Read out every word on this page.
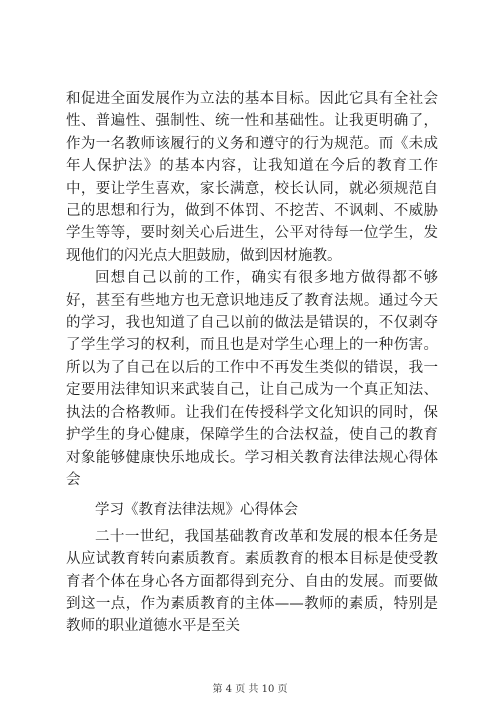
和促进全面发展作为立法的基本目标。因此它具有全社会性、普遍性、强制性、统一性和基础性。让我更明确了，作为一名教师该履行的义务和遵守的行为规范。而《未成年人保护法》的基本内容，让我知道在今后的教育工作中，要让学生喜欢，家长满意，校长认同，就必须规范自己的思想和行为，做到不体罚、不挖苦、不讽刺、不威胁学生等等，要时刻关心后进生，公平对待每一位学生，发现他们的闪光点大胆鼓励，做到因材施教。

回想自己以前的工作，确实有很多地方做得都不够好，甚至有些地方也无意识地违反了教育法规。通过今天的学习，我也知道了自己以前的做法是错误的，不仅剥夺了学生学习的权利，而且也是对学生心理上的一种伤害。所以为了自己在以后的工作中不再发生类似的错误，我一定要用法律知识来武装自己，让自己成为一个真正知法、执法的合格教师。让我们在传授科学文化知识的同时，保护学生的身心健康，保障学生的合法权益，使自己的教育对象能够健康快乐地成长。学习相关教育法律法规心得体会

学习《教育法律法规》心得体会

二十一世纪，我国基础教育改革和发展的根本任务是从应试教育转向素质教育。素质教育的根本目标是使受教育者个体在身心各方面都得到充分、自由的发展。而要做到这一点，作为素质教育的主体——教师的素质，特别是教师的职业道德水平是至关

第 4 页 共 10 页
